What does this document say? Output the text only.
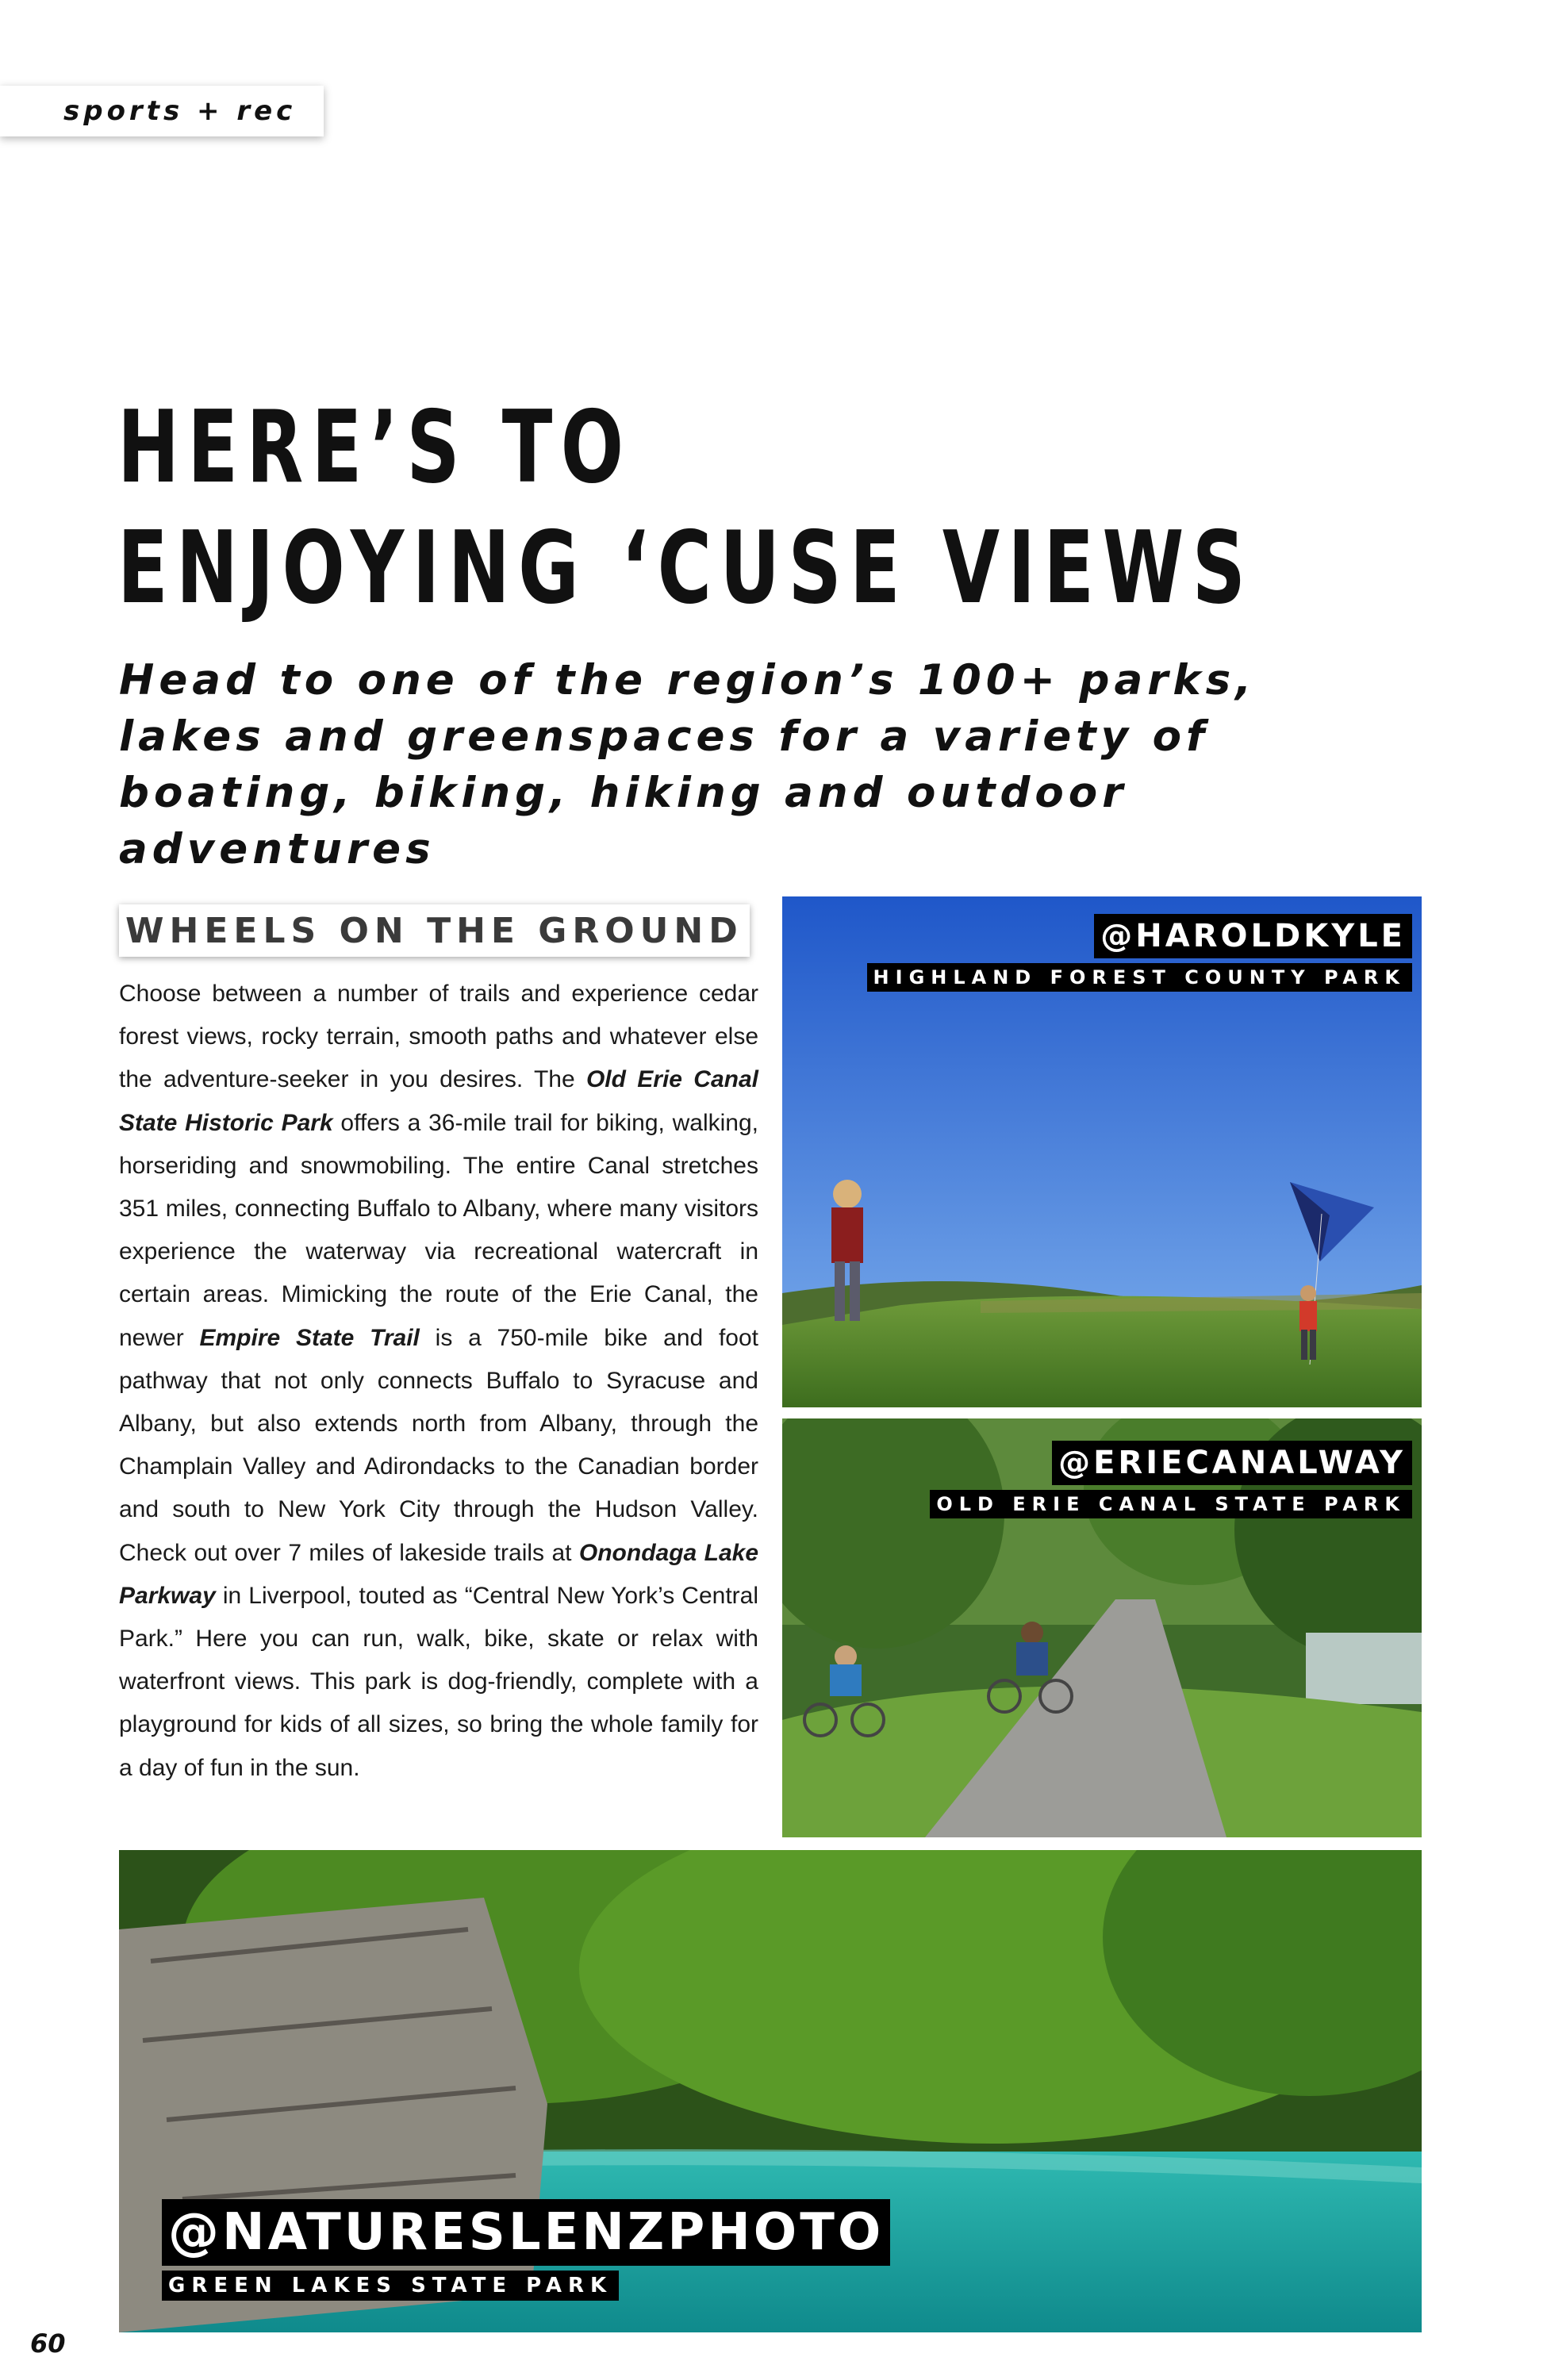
sports + rec
HERE’S TO
ENJOYING ‘CUSE VIEWS

Head to one of the region’s 100+ parks, lakes and greenspaces for a variety of boating, biking, hiking and outdoor adventures

WHEELS ON THE GROUND

Choose between a number of trails and experience cedar forest views, rocky terrain, smooth paths and whatever else the adventure-seeker in you desires. The Old Erie Canal State Historic Park offers a 36-mile trail for biking, walking, horseriding and snowmobiling. The entire Canal stretches 351 miles, connecting Buffalo to Albany, where many visitors experience the waterway via recreational watercraft in certain areas. Mimicking the route of the Erie Canal, the newer Empire State Trail is a 750-mile bike and foot pathway that not only connects Buffalo to Syracuse and Albany, but also extends north from Albany, through the Champlain Valley and Adirondacks to the Canadian border and south to New York City through the Hudson Valley. Check out over 7 miles of lakeside trails at Onondaga Lake Parkway in Liverpool, touted as “Central New York’s Central Park.” Here you can run, walk, bike, skate or relax with waterfront views. This park is dog-friendly, complete with a playground for kids of all sizes, so bring the whole family for a day of fun in the sun.

@HAROLDKYLE
HIGHLAND FOREST COUNTY PARK
@ERIECANALWAY
OLD ERIE CANAL STATE PARK
@NATURESLENZPHOTO
GREEN LAKES STATE PARK
60
